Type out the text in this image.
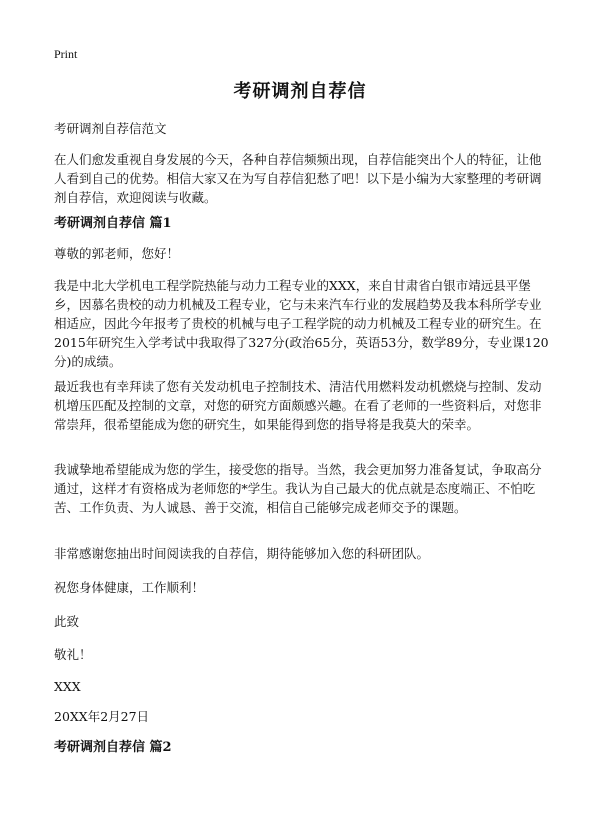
Print
考研调剂自荐信

考研调剂自荐信范文

在人们愈发重视自身发展的今天，各种自荐信频频出现，自荐信能突出个人的特征，让他人看到自己的优势。相信大家又在为写自荐信犯愁了吧！以下是小编为大家整理的考研调剂自荐信，欢迎阅读与收藏。

考研调剂自荐信 篇1

尊敬的郭老师，您好！

我是中北大学机电工程学院热能与动力工程专业的XXX，来自甘肃省白银市靖远县平堡乡，因慕名贵校的动力机械及工程专业，它与未来汽车行业的发展趋势及我本科所学专业相适应，因此今年报考了贵校的机械与电子工程学院的动力机械及工程专业的研究生。在2015年研究生入学考试中我取得了327分(政治65分，英语53分，数学89分，专业课120分)的成绩。

最近我也有幸拜读了您有关发动机电子控制技术、清洁代用燃料发动机燃烧与控制、发动机增压匹配及控制的文章，对您的研究方面颇感兴趣。在看了老师的一些资料后，对您非常崇拜，很希望能成为您的研究生，如果能得到您的指导将是我莫大的荣幸。

我诚挚地希望能成为您的学生，接受您的指导。当然，我会更加努力准备复试，争取高分通过，这样才有资格成为老师您的*学生。我认为自己最大的优点就是态度端正、不怕吃苦、工作负责、为人诚恳、善于交流，相信自己能够完成老师交予的课题。

非常感谢您抽出时间阅读我的自荐信，期待能够加入您的科研团队。

祝您身体健康，工作顺利！

此致

敬礼！

XXX

20XX年2月27日

考研调剂自荐信 篇2
